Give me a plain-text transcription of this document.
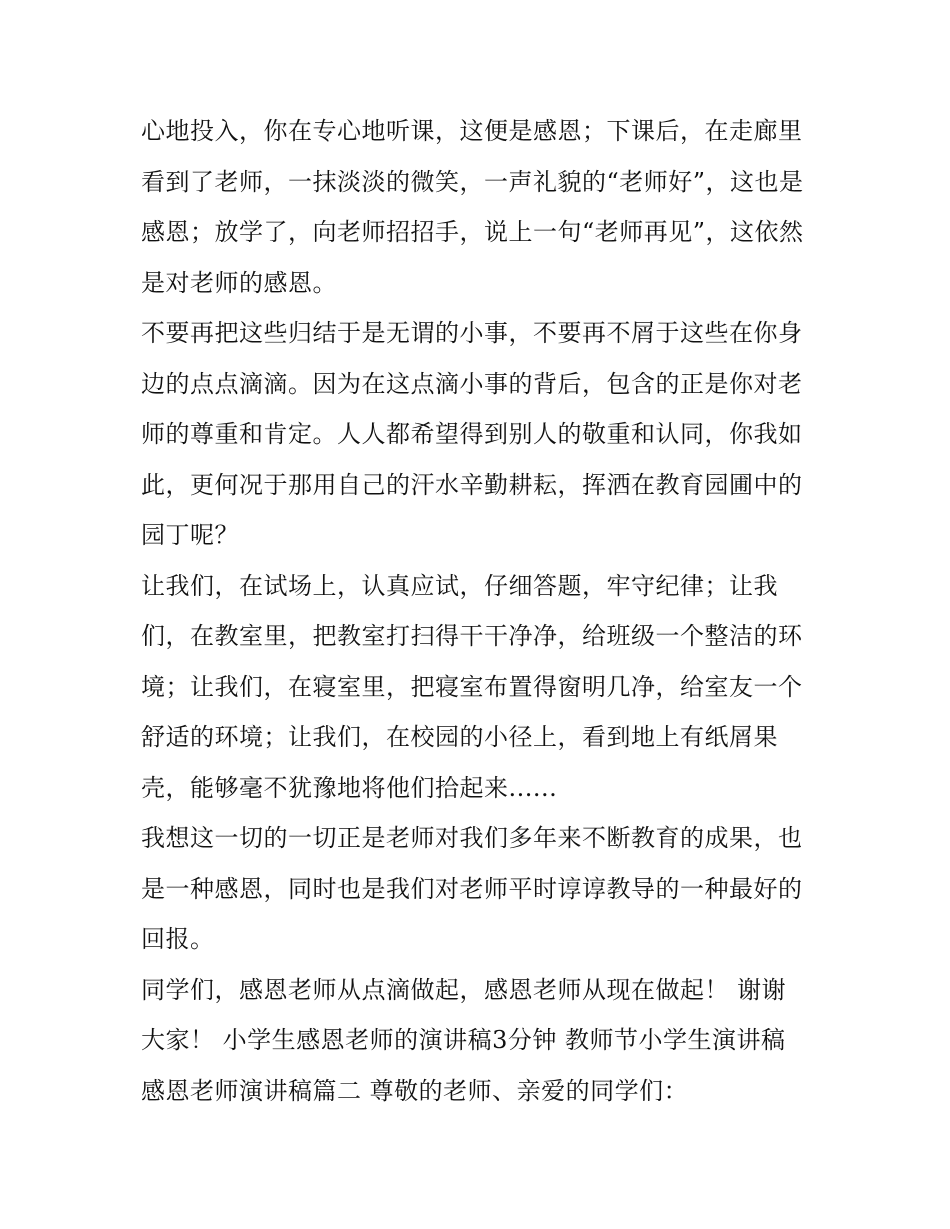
心地投入，你在专心地听课，这便是感恩；下课后，在走廊里
看到了老师，一抹淡淡的微笑，一声礼貌的“老师好”，这也是
感恩；放学了，向老师招招手，说上一句“老师再见”，这依然
是对老师的感恩。
不要再把这些归结于是无谓的小事，不要再不屑于这些在你身
边的点点滴滴。因为在这点滴小事的背后，包含的正是你对老
师的尊重和肯定。人人都希望得到别人的敬重和认同，你我如
此，更何况于那用自己的汗水辛勤耕耘，挥洒在教育园圃中的
园丁呢？
让我们，在试场上，认真应试，仔细答题，牢守纪律；让我
们，在教室里，把教室打扫得干干净净，给班级一个整洁的环
境；让我们，在寝室里，把寝室布置得窗明几净，给室友一个
舒适的环境；让我们，在校园的小径上，看到地上有纸屑果
壳，能够毫不犹豫地将他们拾起来......
我想这一切的一切正是老师对我们多年来不断教育的成果，也
是一种感恩，同时也是我们对老师平时谆谆教导的一种最好的
回报。
同学们，感恩老师从点滴做起，感恩老师从现在做起！ 谢谢
大家！ 小学生感恩老师的演讲稿3分钟 教师节小学生演讲稿
感恩老师演讲稿篇二 尊敬的老师、亲爱的同学们：
